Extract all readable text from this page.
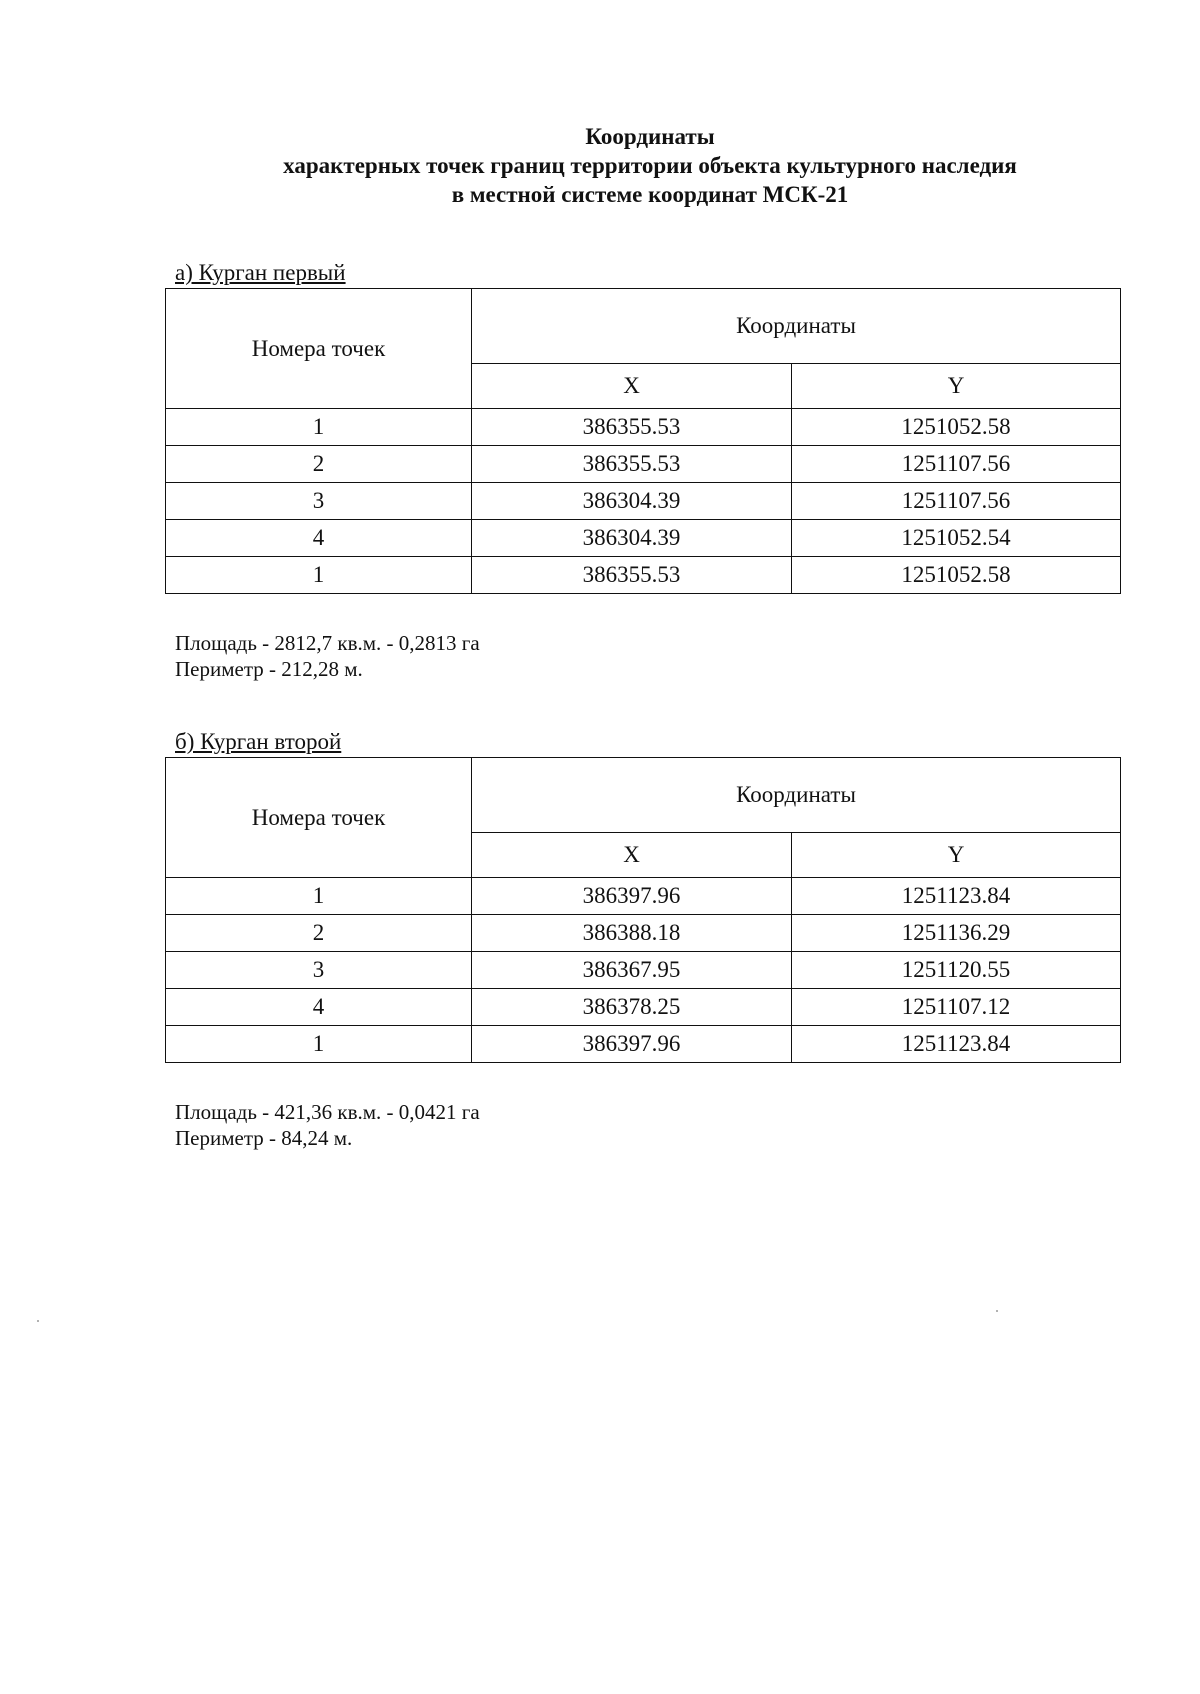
Координаты
характерных точек границ территории объекта культурного наследия
в местной системе координат МСК-21
а) Курган первый
Номера точек	Координаты	
	X	Y
1	386355.53	1251052.58
2	386355.53	1251107.56
3	386304.39	1251107.56
4	386304.39	1251052.54
1	386355.53	1251052.58
Площадь - 2812,7 кв.м. - 0,2813 га
Периметр - 212,28 м.
б) Курган второй
Номера точек	Координаты	
	X	Y
1	386397.96	1251123.84
2	386388.18	1251136.29
3	386367.95	1251120.55
4	386378.25	1251107.12
1	386397.96	1251123.84
Площадь - 421,36 кв.м. - 0,0421 га
Периметр - 84,24 м.
